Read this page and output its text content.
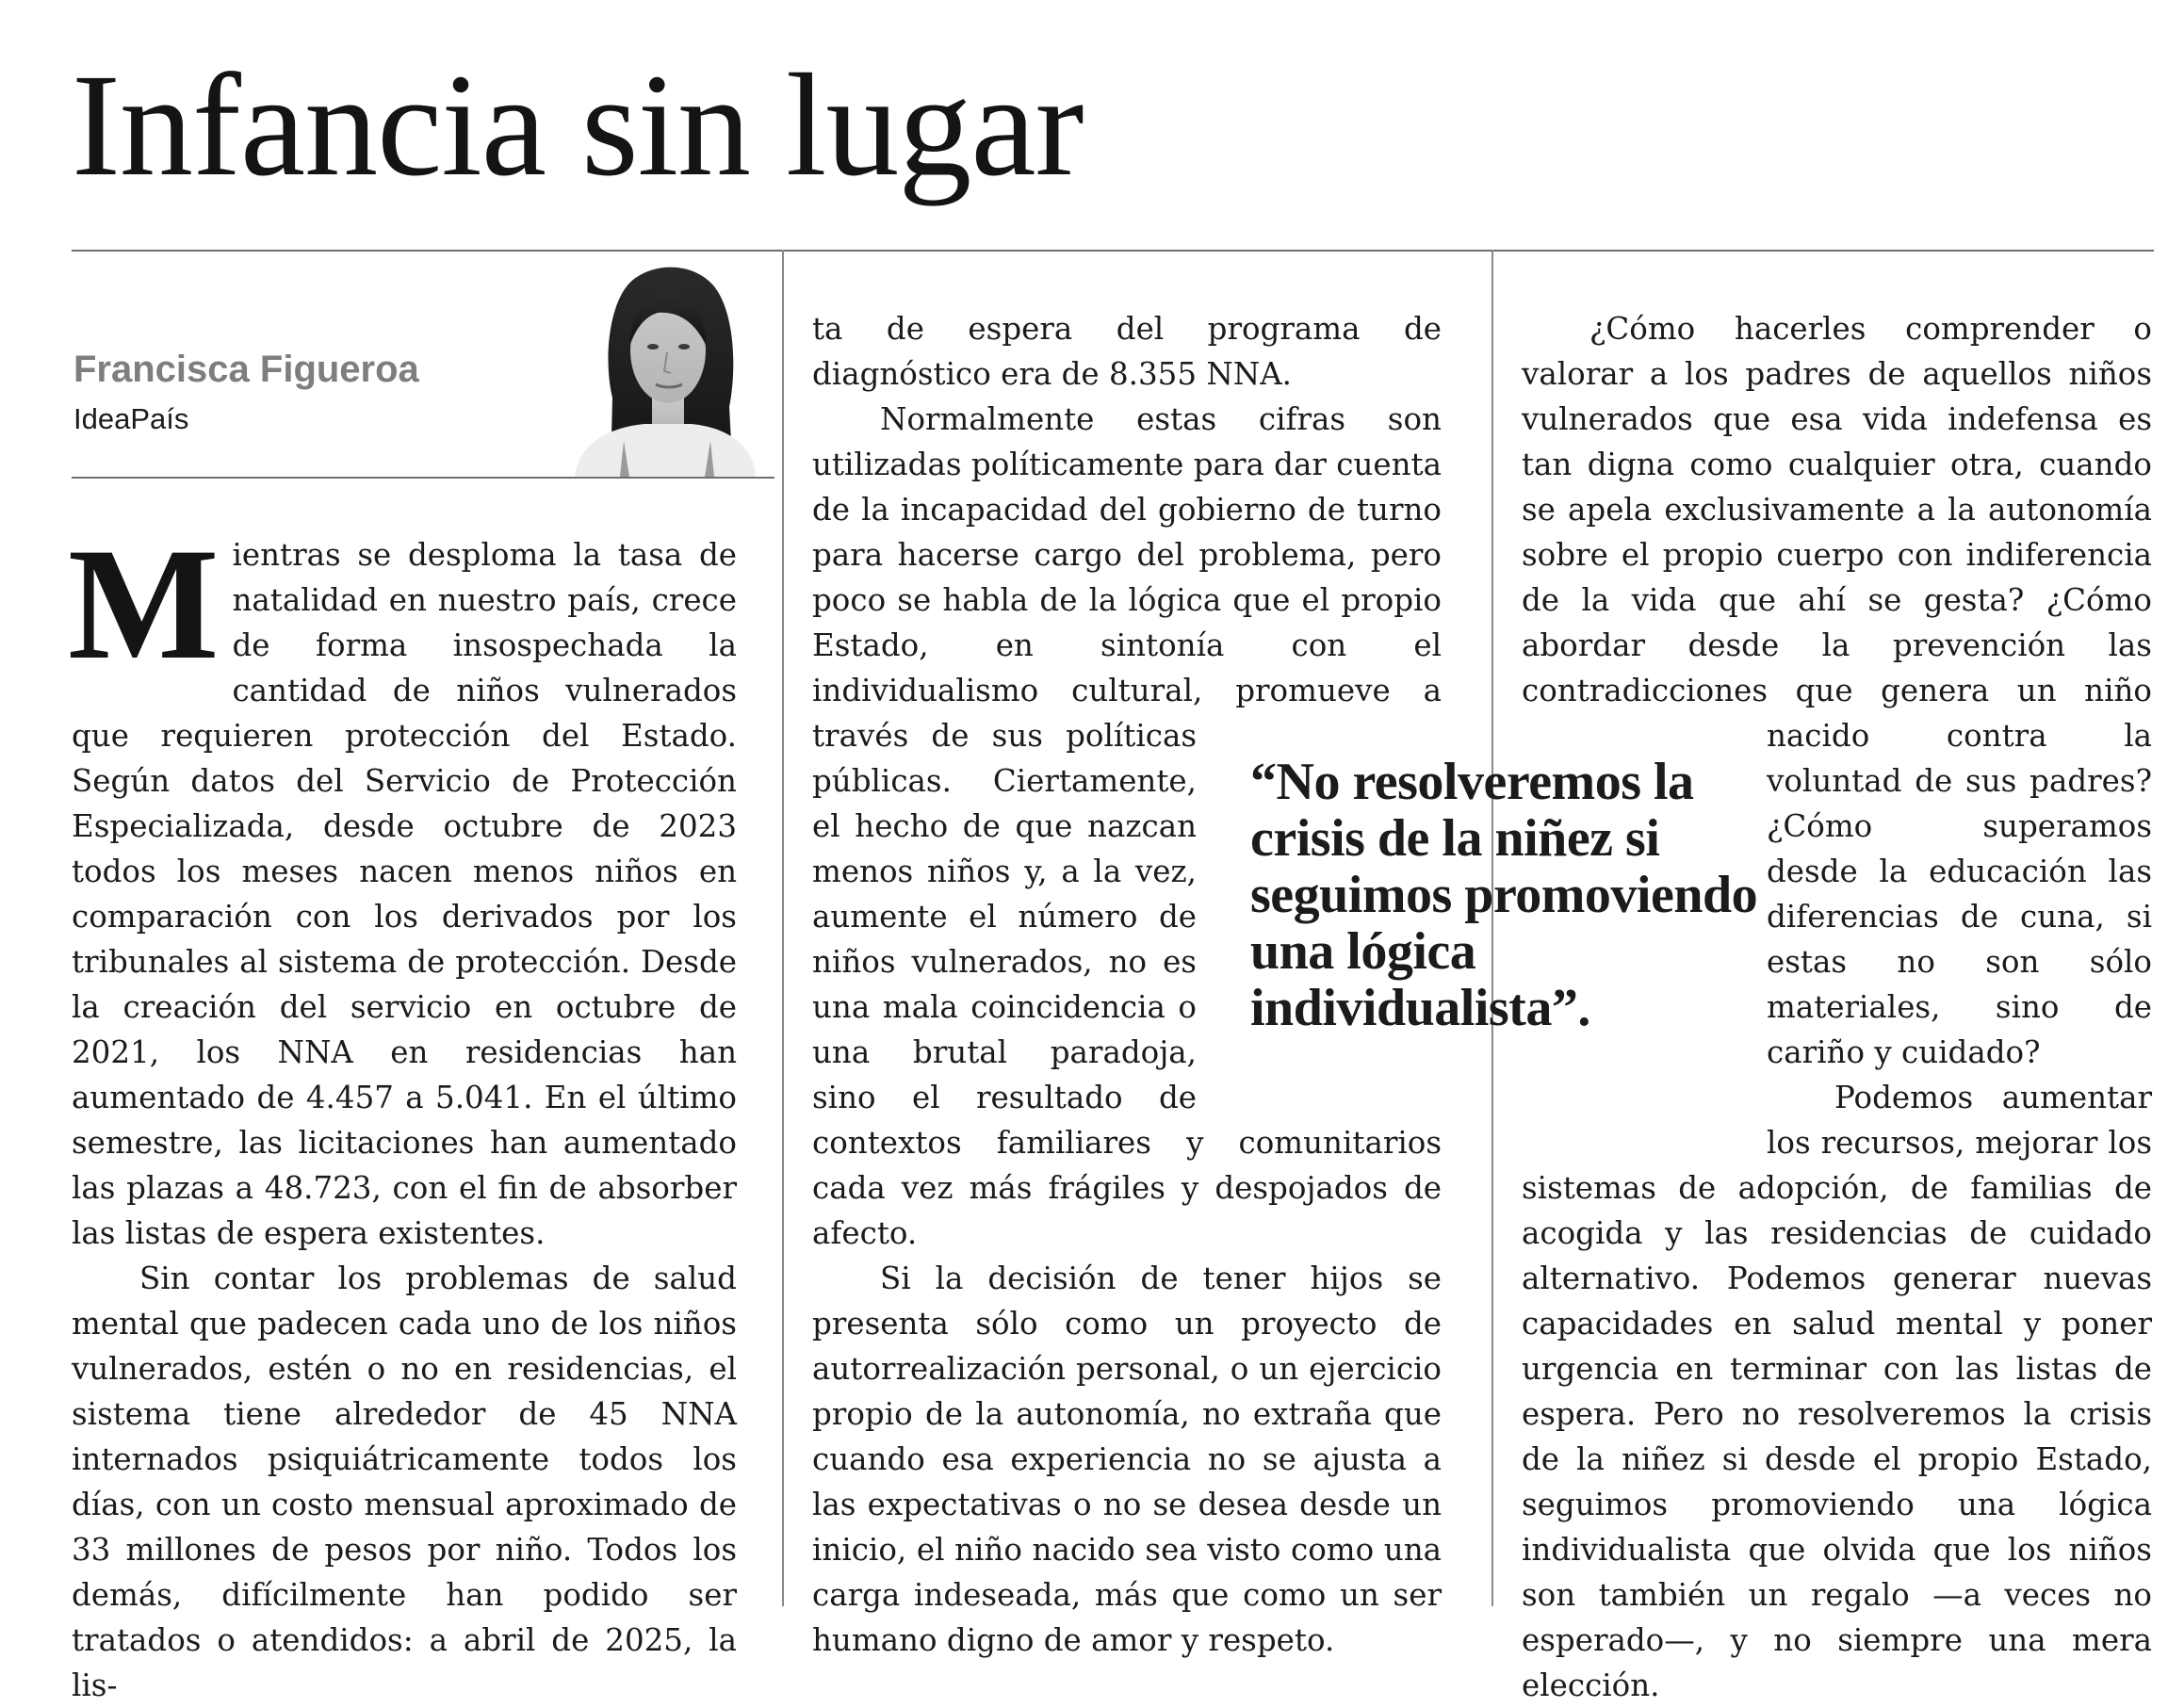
Infancia sin lugar
Francisca Figueroa
IdeaPaís

Mientras se desploma la tasa de natalidad en nuestro país, crece de forma insospechada la cantidad de niños vulnerados que requieren protección del Estado. Según datos del Servicio de Protección Especializada, desde octubre de 2023 todos los meses nacen menos niños en comparación con los derivados por los tribunales al sistema de protección. Desde la creación del servicio en octubre de 2021, los NNA en residencias han aumentado de 4.457 a 5.041. En el último semestre, las licitaciones han aumentado las plazas a 48.723, con el fin de absorber las listas de espera existentes.

Sin contar los problemas de salud mental que padecen cada uno de los niños vulnerados, estén o no en residencias, el sistema tiene alrededor de 45 NNA internados psiquiátricamente todos los días, con un costo mensual aproximado de 33 millones de pesos por niño. Todos los demás, difícilmente han podido ser tratados o atendidos: a abril de 2025, la lis-

ta de espera del programa de diagnóstico era de 8.355 NNA.

Normalmente estas cifras son utilizadas políticamente para dar cuenta de la incapacidad del gobierno de turno para hacerse cargo del problema, pero poco se habla de la lógica que el propio Estado, en sintonía con el individualismo cultural, promueve a través de sus políticas públicas. Ciertamente, el hecho de que nazcan menos niños y, a la vez, aumente el número de niños vulnerados, no es una mala coincidencia o una brutal paradoja, sino el resultado de contextos familiares y comunitarios cada vez más frágiles y despojados de afecto.

Si la decisión de tener hijos se presenta sólo como un proyecto de autorrealización personal, o un ejercicio propio de la autonomía, no extraña que cuando esa experiencia no se ajusta a las expectativas o no se desea desde un inicio, el niño nacido sea visto como una carga indeseada, más que como un ser humano digno de amor y respeto.

¿Cómo hacerles comprender o valorar a los padres de aquellos niños vulnerados que esa vida indefensa es tan digna como cualquier otra, cuando se apela exclusivamente a la autonomía sobre el propio cuerpo con indiferencia de la vida que ahí se gesta? ¿Cómo abordar desde la prevención las contradicciones que genera un niño nacido contra la voluntad de sus padres? ¿Cómo superamos desde la educación las diferencias de cuna, si estas no son sólo materiales, sino de cariño y cuidado?

Podemos aumentar los recursos, mejorar los sistemas de adopción, de familias de acogida y las residencias de cuidado alternativo. Podemos generar nuevas capacidades en salud mental y poner urgencia en terminar con las listas de espera. Pero no resolveremos la crisis de la niñez si desde el propio Estado, seguimos promoviendo una lógica individualista que olvida que los niños son también un regalo —a veces no esperado—, y no siempre una mera elección.

“No resolveremos la crisis de la niñez si seguimos promoviendo una lógica individualista”.
